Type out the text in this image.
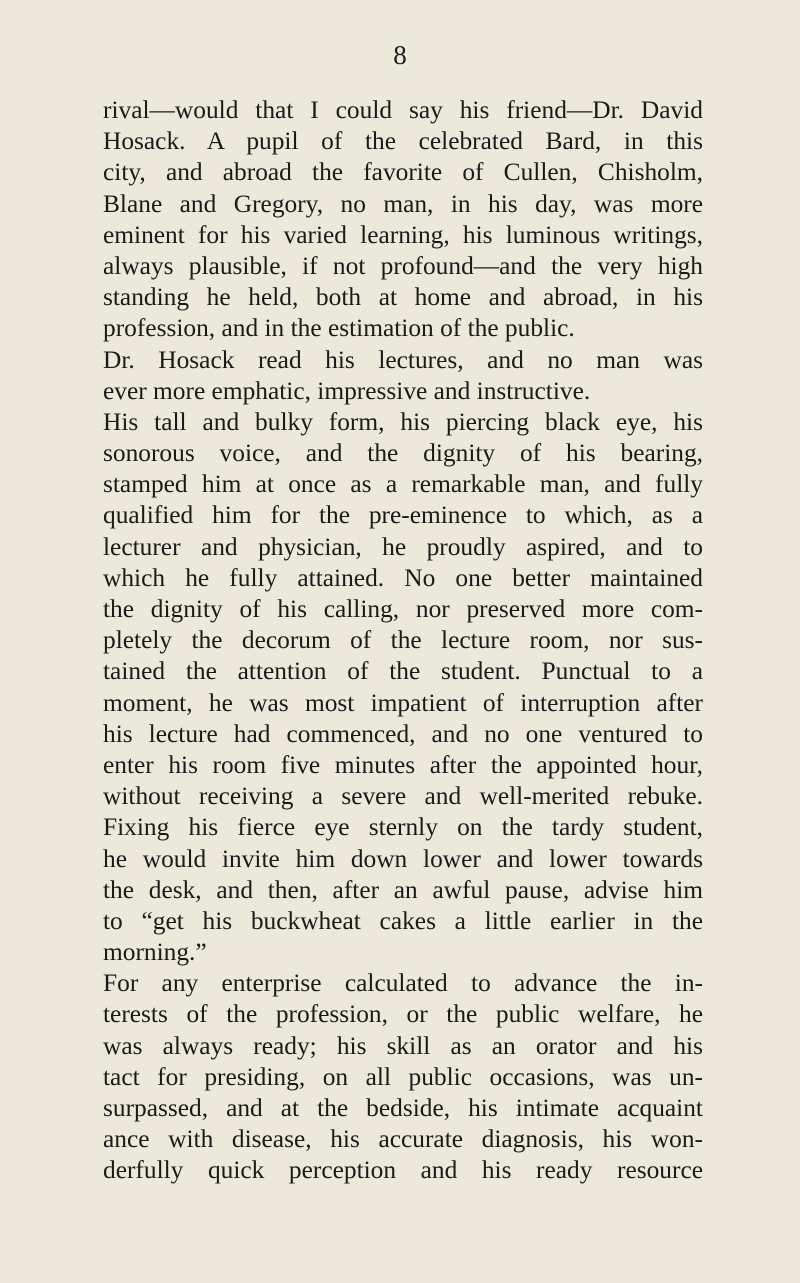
8
rival—would that I could say his friend—Dr. David
Hosack. A pupil of the celebrated Bard, in this
city, and abroad the favorite of Cullen, Chisholm,
Blane and Gregory, no man, in his day, was more
eminent for his varied learning, his luminous writings,
always plausible, if not profound—and the very high
standing he held, both at home and abroad, in his
profession, and in the estimation of the public.
Dr. Hosack read his lectures, and no man was
ever more emphatic, impressive and instructive.
His tall and bulky form, his piercing black eye, his
sonorous voice, and the dignity of his bearing,
stamped him at once as a remarkable man, and fully
qualified him for the pre-eminence to which, as a
lecturer and physician, he proudly aspired, and to
which he fully attained. No one better maintained
the dignity of his calling, nor preserved more com-
pletely the decorum of the lecture room, nor sus-
tained the attention of the student. Punctual to a
moment, he was most impatient of interruption after
his lecture had commenced, and no one ventured to
enter his room five minutes after the appointed hour,
without receiving a severe and well-merited rebuke.
Fixing his fierce eye sternly on the tardy student,
he would invite him down lower and lower towards
the desk, and then, after an awful pause, advise him
to “get his buckwheat cakes a little earlier in the
morning.”
For any enterprise calculated to advance the in-
terests of the profession, or the public welfare, he
was always ready; his skill as an orator and his
tact for presiding, on all public occasions, was un-
surpassed, and at the bedside, his intimate acquaint
ance with disease, his accurate diagnosis, his won-
derfully quick perception and his ready resource
